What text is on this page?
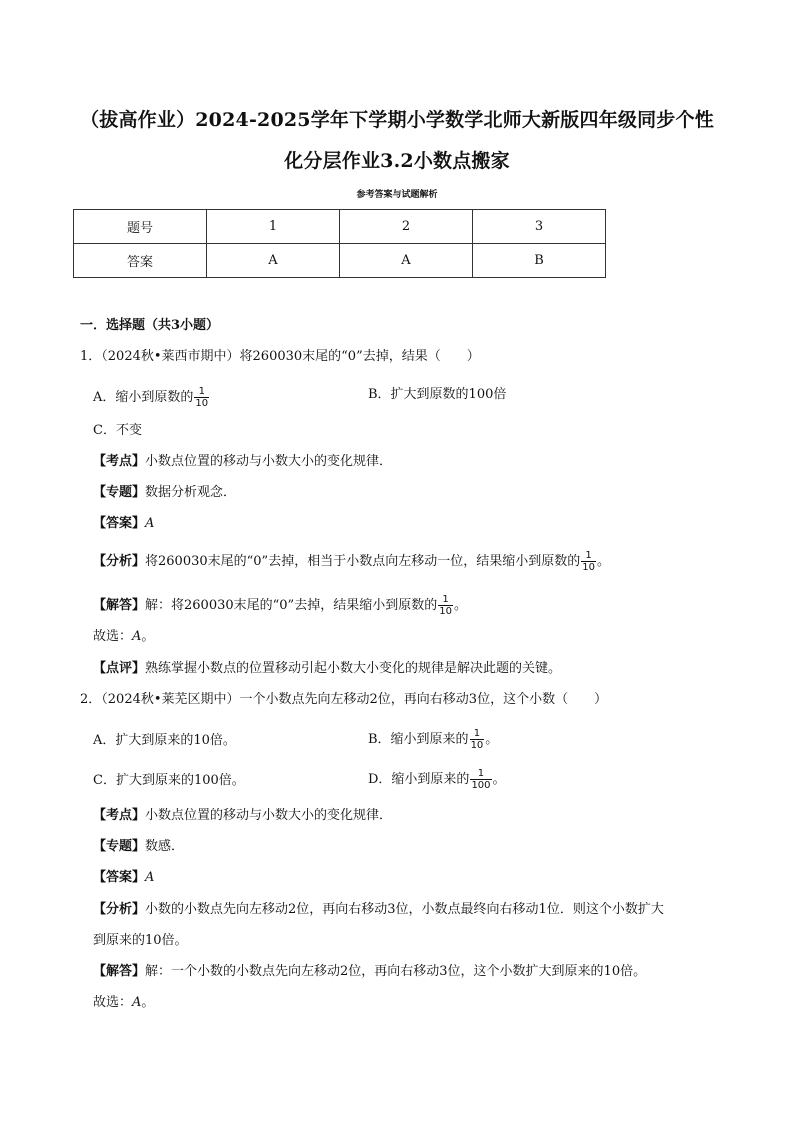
（拔高作业）2024-2025学年下学期小学数学北师大新版四年级同步个性
化分层作业3.2小数点搬家
参考答案与试题解析
题号	1	2	3
答案	A	A	B
一．选择题（共3小题）
1．（2024秋•莱西市期中）将260030末尾的“0”去掉，结果（　　）
A．缩小到原数的 $\frac{1}{10}$	B．扩大到原数的100倍
C．不变
【考点】小数点位置的移动与小数大小的变化规律．
【专题】数据分析观念．
【答案】A
【分析】将260030末尾的“0”去掉，相当于小数点向左移动一位，结果缩小到原数的 $\frac{1}{10}$ 。
【解答】解：将260030末尾的“0”去掉，结果缩小到原数的 $\frac{1}{10}$ 。
故选：A。
【点评】熟练掌握小数点的位置移动引起小数大小变化的规律是解决此题的关键。
2．（2024秋•莱芜区期中）一个小数点先向左移动2位，再向右移动3位，这个小数（　　）
A．扩大到原来的10倍。	B．缩小到原来的 $\frac{1}{10}$ 。
C．扩大到原来的100倍。	D．缩小到原来的 $\frac{1}{100}$ 。
【考点】小数点位置的移动与小数大小的变化规律．
【专题】数感．
【答案】A
【分析】小数的小数点先向左移动2位，再向右移动3位，小数点最终向右移动1位．则这个小数扩大
到原来的10倍。
【解答】解：一个小数的小数点先向左移动2位，再向右移动3位，这个小数扩大到原来的10倍。
故选：A。
